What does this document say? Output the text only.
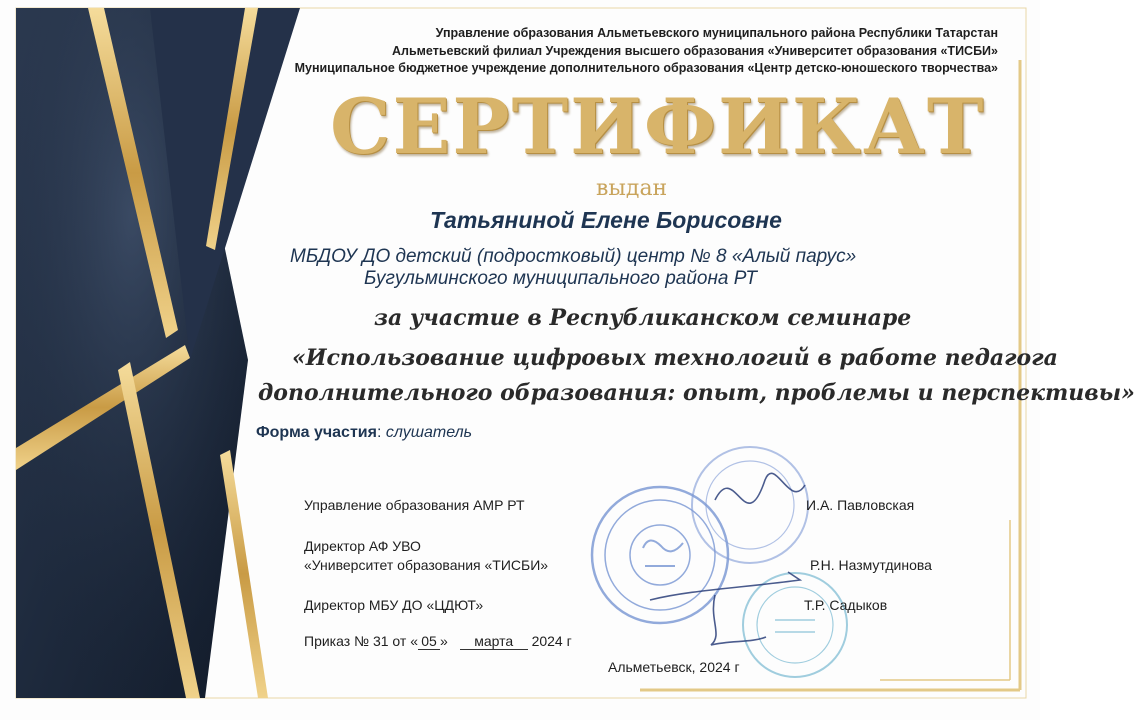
Управление образования Альметьевского муниципального района Республики Татарстан

Альметьевский филиал Учреждения высшего образования «Университет образования «ТИСБИ»

Муниципальное бюджетное учреждение дополнительного образования «Центр детско-юношеского творчества»

СЕРТИФИКАТ

выдан

Татьяниной Елене Борисовне

МБДОУ ДО детский (подростковый) центр № 8 «Алый парус»

Бугульминского муниципального района РТ

за участие в Республиканском семинаре

«Использование цифровых технологий в работе педагога

дополнительного образования: опыт, проблемы и перспективы»

Форма участия: слушатель

Управление образования АМР РТ	И.А. Павловская

Директор АФ УВО

«Университет образования «ТИСБИ»	Р.Н. Назмутдинова

Директор МБУ ДО «ЦДЮТ»	Т.Р. Садыков

Приказ № 31 от « 05 » марта 2024 г

Альметьевск, 2024 г
